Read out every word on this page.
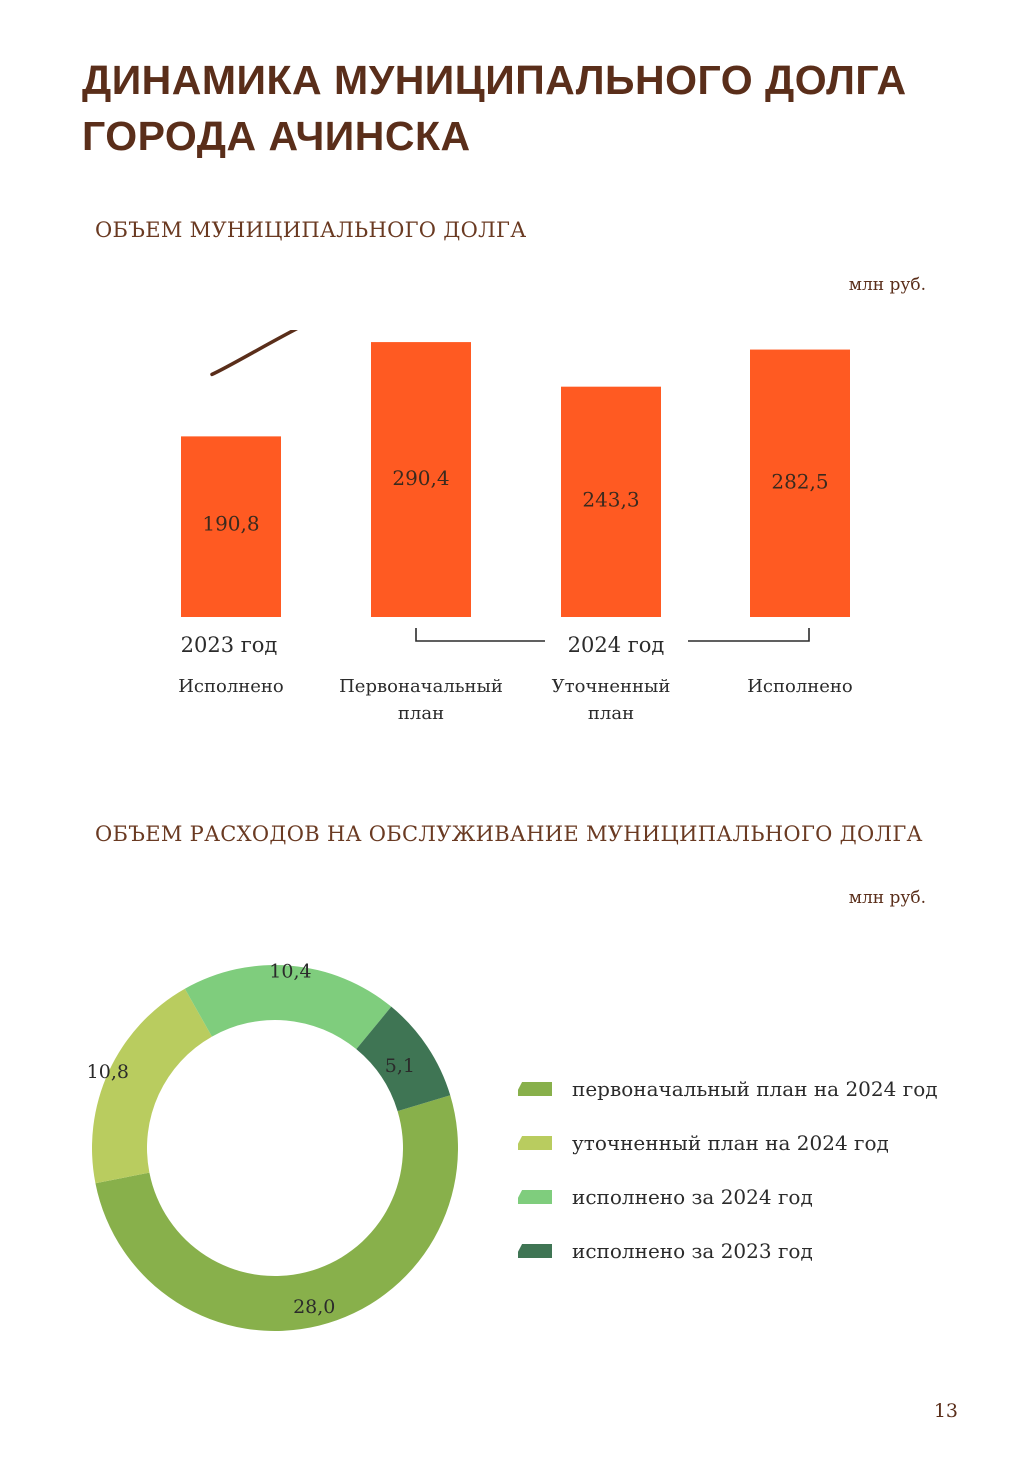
ДИНАМИКА МУНИЦИПАЛЬНОГО ДОЛГА ГОРОДА АЧИНСКА
ОБЪЕМ МУНИЦИПАЛЬНОГО ДОЛГА
млн руб.
190,8
290,4
243,3
282,5
2023 год	2024 год
Исполнено	Первоначальный план
Уточненный план
Исполнено
ОБЪЕМ РАСХОДОВ НА ОБСЛУЖИВАНИЕ МУНИЦИПАЛЬНОГО ДОЛГА
млн руб.
28,0
10,8
10,4
5,1
первоначальный план на 2024 год
уточненный план на 2024 год
исполнено за 2024 год
исполнено за 2023 год
13
